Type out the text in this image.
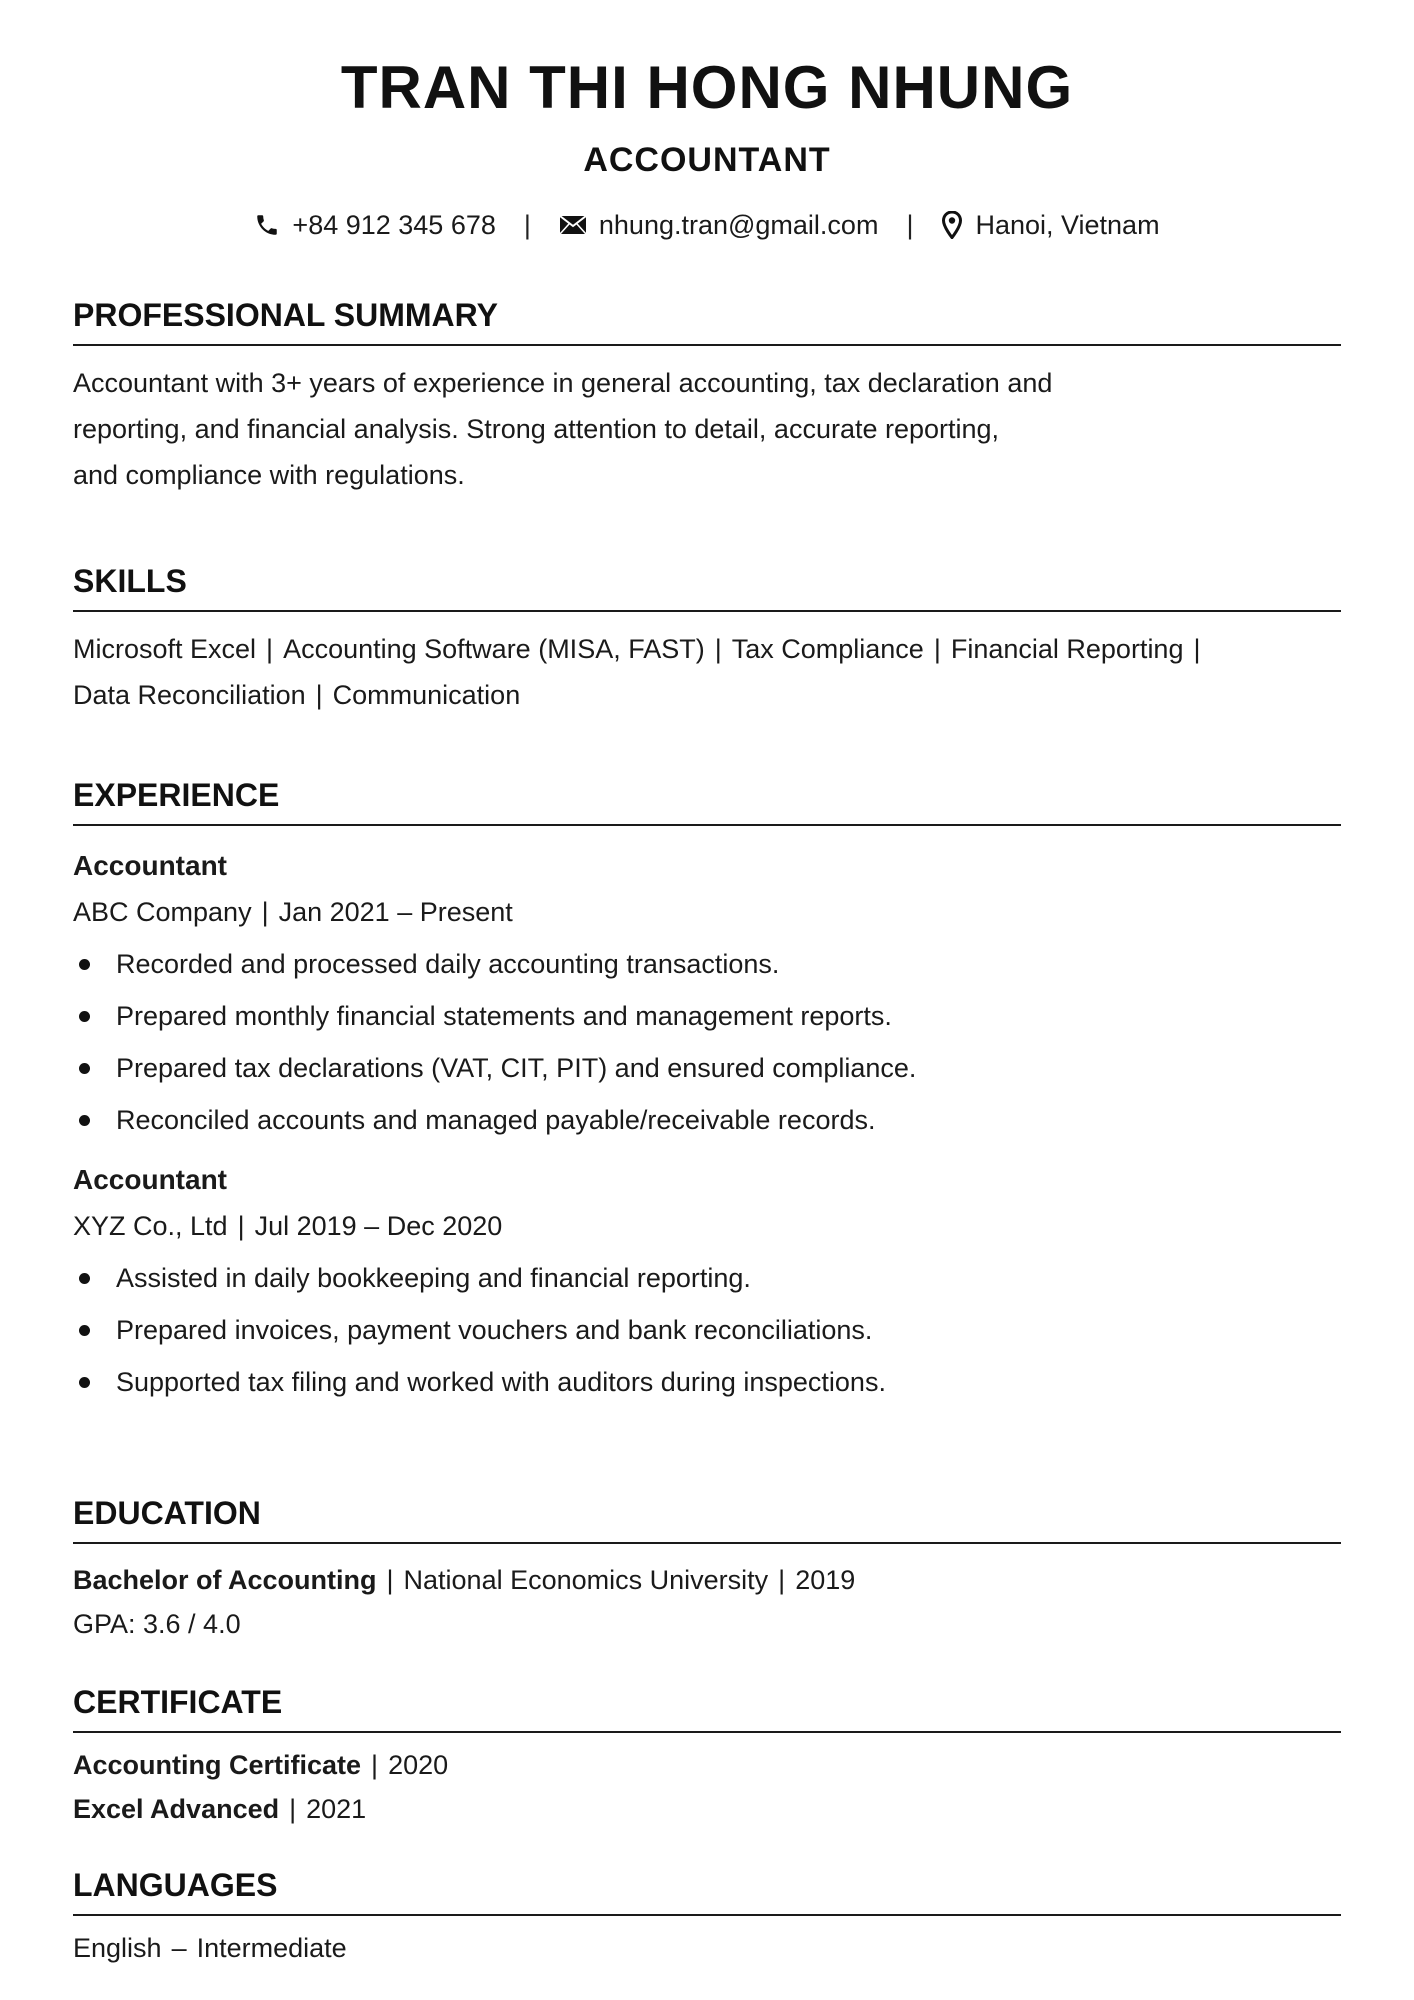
TRAN THI HONG NHUNG
ACCOUNTANT
+84 912 345 678 |	nhung.tran@gmail.com | Hanoi, Vietnam
PROFESSIONAL SUMMARY
Accountant with 3+ years of experience in general accounting, tax declaration and
reporting, and financial analysis. Strong attention to detail, accurate reporting,
and compliance with regulations.
SKILLS
Microsoft Excel | Accounting Software (MISA, FAST) | Tax Compliance | Financial Reporting |
Data Reconciliation | Communication
EXPERIENCE
Accountant
ABC Company | Jan 2021 – Present
Recorded and processed daily accounting transactions.
Prepared monthly financial statements and management reports.
Prepared tax declarations (VAT, CIT, PIT) and ensured compliance.
Reconciled accounts and managed payable/receivable records.
Accountant
XYZ Co., Ltd | Jul 2019 – Dec 2020
Assisted in daily bookkeeping and financial reporting.
Prepared invoices, payment vouchers and bank reconciliations.
Supported tax filing and worked with auditors during inspections.
EDUCATION
Bachelor of Accounting | National Economics University | 2019
GPA: 3.6 / 4.0
CERTIFICATE
Accounting Certificate | 2020
Excel Advanced | 2021
LANGUAGES
English – Intermediate
